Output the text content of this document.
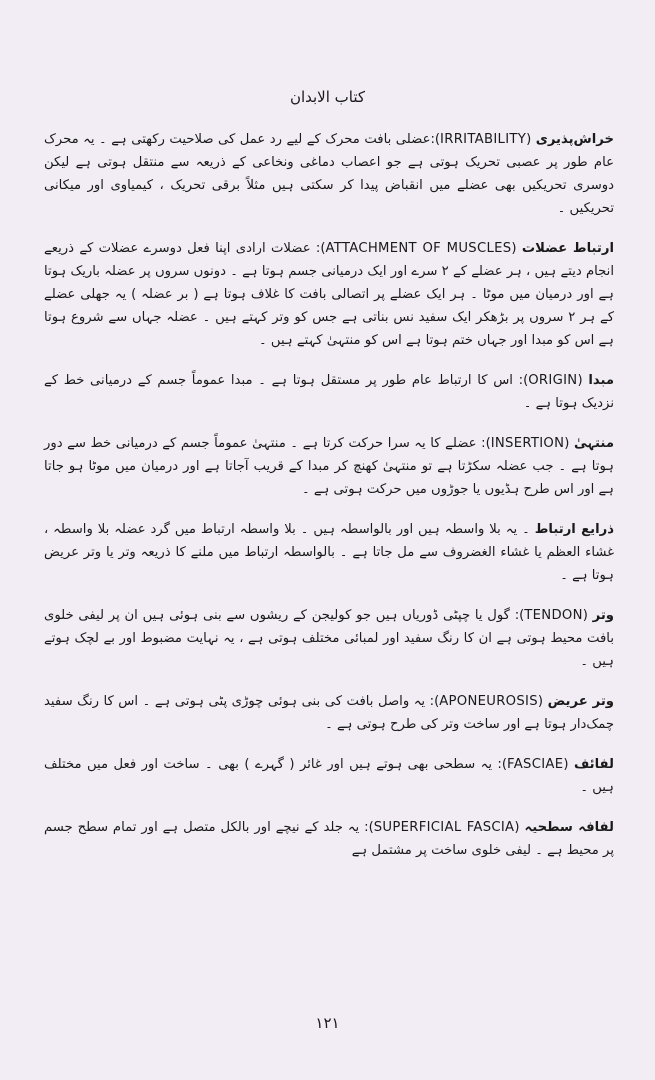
کتاب الابدان

خراش‌پذیری (IRRITABILITY):عضلی بافت محرک کے لیے رد عمل کی صلاحیت رکھتی ہے ۔ یہ محرک عام طور پر عصبی تحریک ہوتی ہے جو اعصاب دماغی ونخاعی کے ذریعہ سے منتقل ہوتی ہے لیکن دوسری تحریکیں بھی عضلے میں انقباض پیدا کر سکتی ہیں مثلاً برقی تحریک ، کیمیاوی اور میکانی تحریکیں ۔

ارتباط عضلات (ATTACHMENT OF MUSCLES): عضلات ارادی اپنا فعل دوسرے عضلات کے ذریعے انجام دیتے ہیں ، ہر عضلے کے ۲ سرے اور ایک درمیانی جسم ہوتا ہے ۔ دونوں سروں پر عضلہ باریک ہوتا ہے اور درمیان میں موٹا ۔ ہر ایک عضلے پر اتصالی بافت کا غلاف ہوتا ہے ( بر عضلہ ) یہ جھلی عضلے کے ہر ۲ سروں پر بڑھکر ایک سفید نس بناتی ہے جس کو وتر کہتے ہیں ۔ عضلہ جہاں سے شروع ہوتا ہے اس کو مبدا اور جہاں ختم ہوتا ہے اس کو منتہیٰ کہتے ہیں ۔

مبدا (ORIGIN): اس کا ارتباط عام طور پر مستقل ہوتا ہے ۔ مبدا عموماً جسم کے درمیانی خط کے نزدیک ہوتا ہے ۔

منتہیٰ (INSERTION): عضلے کا یہ سرا حرکت کرتا ہے ۔ منتہیٰ عموماً جسم کے درمیانی خط سے دور ہوتا ہے ۔ جب عضلہ سکڑتا ہے تو منتہیٰ کھنچ کر مبدا کے قریب آجاتا ہے اور درمیان میں موٹا ہو جاتا ہے اور اس طرح ہڈیوں یا جوڑوں میں حرکت ہوتی ہے ۔

ذرایع ارتباط ۔ یہ بلا واسطہ ہیں اور بالواسطہ ہیں ۔ بلا واسطہ ارتباط میں گرد عضلہ بلا واسطہ ، غشاء العظم یا غشاء الغضروف سے مل جاتا ہے ۔ بالواسطہ ارتباط میں ملنے کا ذریعہ وتر یا وتر عریض ہوتا ہے ۔

وتر (TENDON): گول یا چپٹی ڈوریاں ہیں جو کولیجن کے ریشوں سے بنی ہوئی ہیں ان پر لیفی خلوی بافت محیط ہوتی ہے ان کا رنگ سفید اور لمبائی مختلف ہوتی ہے ، یہ نہایت مضبوط اور بے لچک ہوتے ہیں ۔

وتر عریض (APONEUROSIS): یہ واصل بافت کی بنی ہوئی چوڑی پٹی ہوتی ہے ۔ اس کا رنگ سفید چمک‌دار ہوتا ہے اور ساخت وتر کی طرح ہوتی ہے ۔

لفائف (FASCIAE): یہ سطحی بھی ہوتے ہیں اور غائر ( گہرے ) بھی ۔ ساخت اور فعل میں مختلف ہیں ۔

لفافہ سطحیہ (SUPERFICIAL FASCIA): یہ جلد کے نیچے اور بالکل متصل ہے اور تمام سطح جسم پر محیط ہے ۔ لیفی خلوی ساخت پر مشتمل ہے

۱۲۱
